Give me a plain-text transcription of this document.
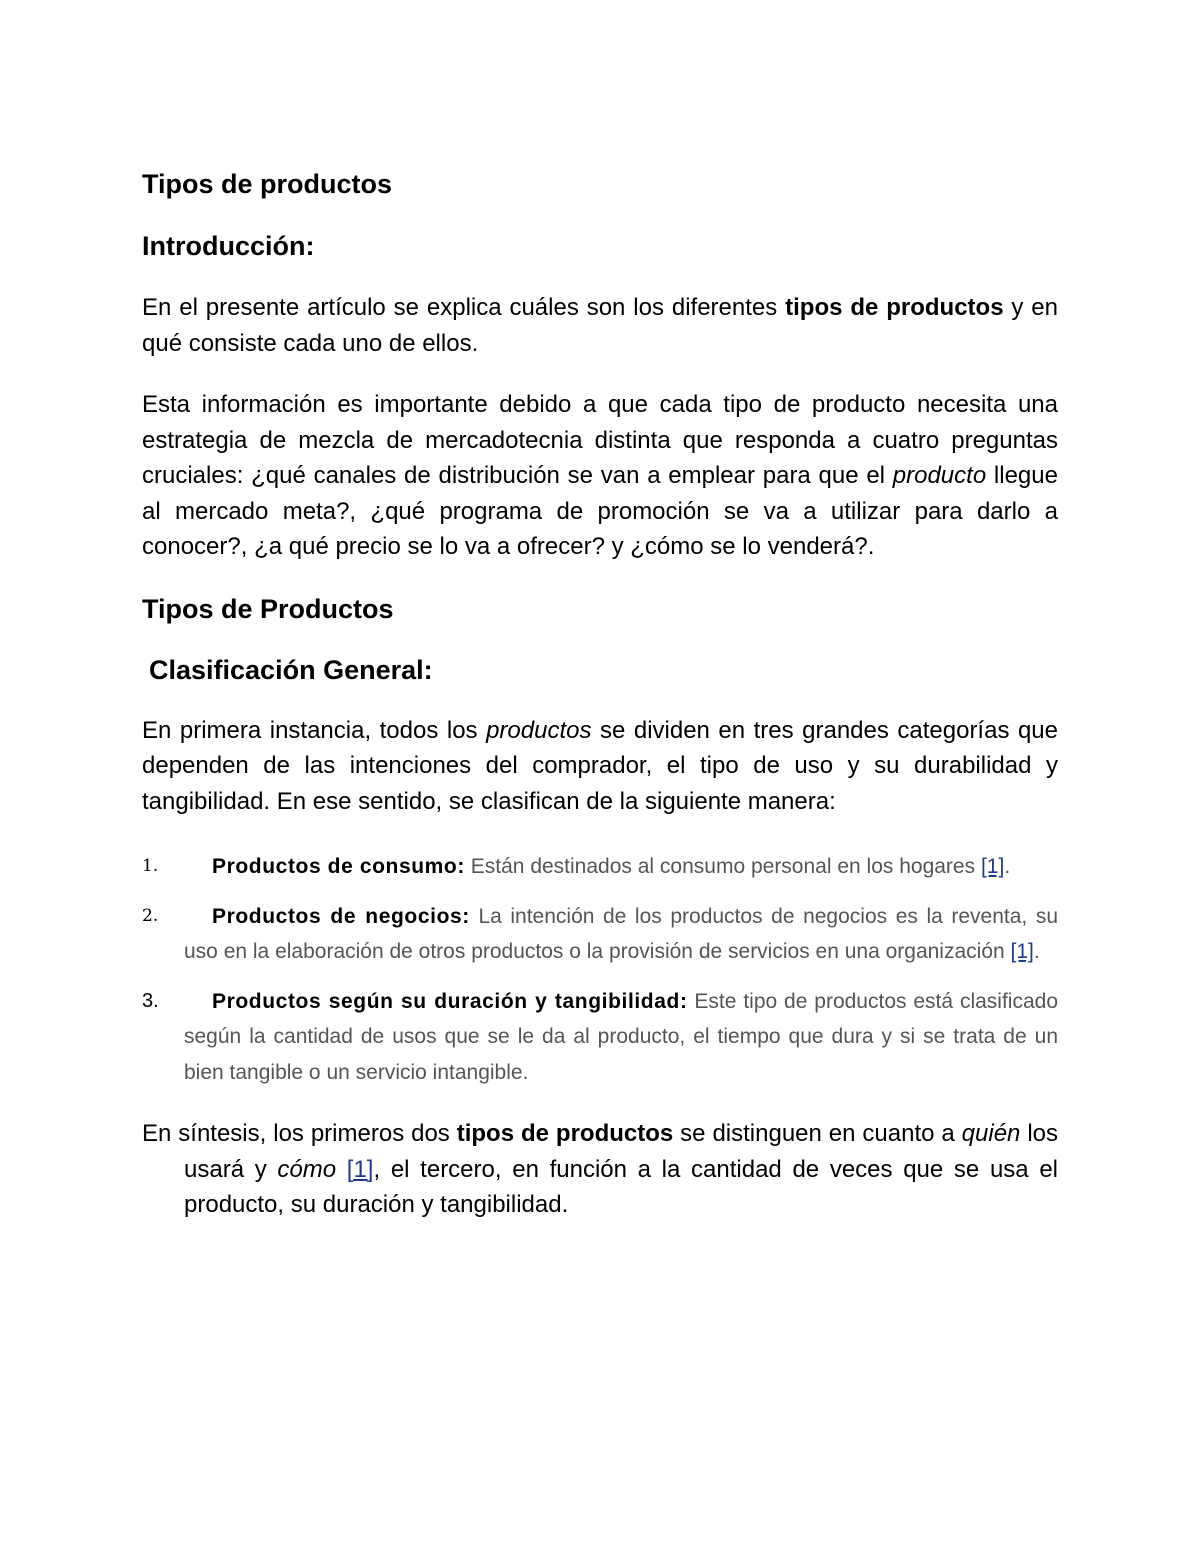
Tipos de productos
Introducción:

En el presente artículo se explica cuáles son los diferentes tipos de productos y en qué consiste cada uno de ellos.

Esta información es importante debido a que cada tipo de producto necesita una estrategia de mezcla de mercadotecnia distinta que responda a cuatro preguntas cruciales: ¿qué canales de distribución se van a emplear para que el producto llegue al mercado meta?, ¿qué programa de promoción se va a utilizar para darlo a conocer?, ¿a qué precio se lo va a ofrecer? y ¿cómo se lo venderá?.

Tipos de Productos
Clasificación General:

En primera instancia, todos los productos se dividen en tres grandes categorías que dependen de las intenciones del comprador, el tipo de uso y su durabilidad y tangibilidad. En ese sentido, se clasifican de la siguiente manera:

1.	Productos de consumo: Están destinados al consumo personal en los hogares [1].
2.	Productos de negocios: La intención de los productos de negocios es la reventa, su uso en la elaboración de otros productos o la provisión de servicios en una organización [1].
3.	Productos según su duración y tangibilidad: Este tipo de productos está clasificado según la cantidad de usos que se le da al producto, el tiempo que dura y si se trata de un bien tangible o un servicio intangible.

En síntesis, los primeros dos tipos de productos se distinguen en cuanto a quién los usará y cómo [1], el tercero, en función a la cantidad de veces que se usa el producto, su duración y tangibilidad.
